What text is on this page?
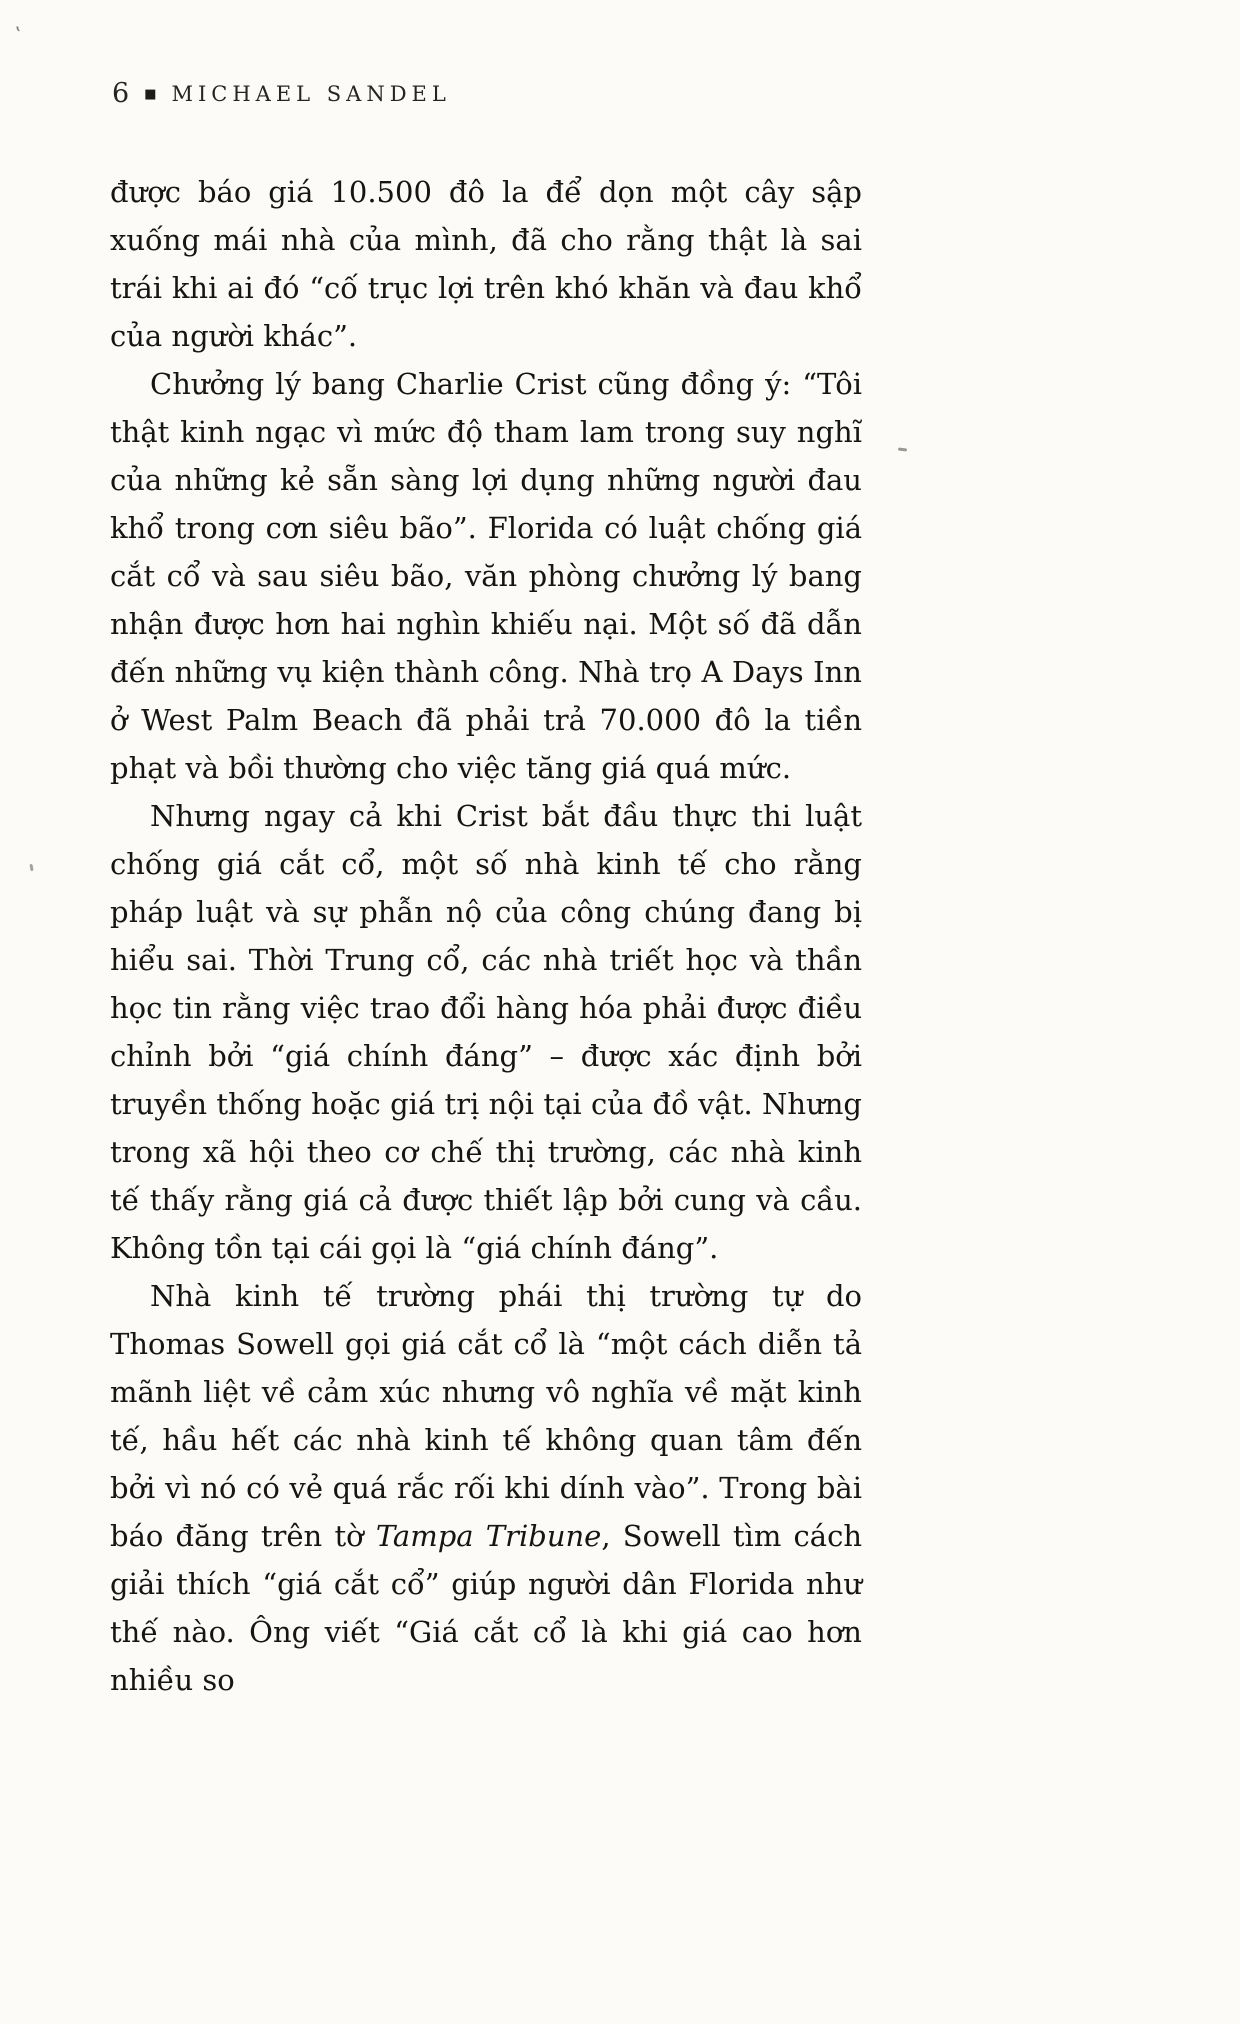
‛
6 ■ MICHAEL SANDEL

được báo giá 10.500 đô la để dọn một cây sập xuống mái nhà của mình, đã cho rằng thật là sai trái khi ai đó “cố trục lợi trên khó khăn và đau khổ của người khác”.

Chưởng lý bang Charlie Crist cũng đồng ý: “Tôi thật kinh ngạc vì mức độ tham lam trong suy nghĩ của những kẻ sẵn sàng lợi dụng những người đau khổ trong cơn siêu bão”. Florida có luật chống giá cắt cổ và sau siêu bão, văn phòng chưởng lý bang nhận được hơn hai nghìn khiếu nại. Một số đã dẫn đến những vụ kiện thành công. Nhà trọ A Days Inn ở West Palm Beach đã phải trả 70.000 đô la tiền phạt và bồi thường cho việc tăng giá quá mức.

Nhưng ngay cả khi Crist bắt đầu thực thi luật chống giá cắt cổ, một số nhà kinh tế cho rằng pháp luật và sự phẫn nộ của công chúng đang bị hiểu sai. Thời Trung cổ, các nhà triết học và thần học tin rằng việc trao đổi hàng hóa phải được điều chỉnh bởi “giá chính đáng” – được xác định bởi truyền thống hoặc giá trị nội tại của đồ vật. Nhưng trong xã hội theo cơ chế thị trường, các nhà kinh tế thấy rằng giá cả được thiết lập bởi cung và cầu. Không tồn tại cái gọi là “giá chính đáng”.

Nhà kinh tế trường phái thị trường tự do Thomas Sowell gọi giá cắt cổ là “một cách diễn tả mãnh liệt về cảm xúc nhưng vô nghĩa về mặt kinh tế, hầu hết các nhà kinh tế không quan tâm đến bởi vì nó có vẻ quá rắc rối khi dính vào”. Trong bài báo đăng trên tờ Tampa Tribune, Sowell tìm cách giải thích “giá cắt cổ” giúp người dân Florida như thế nào. Ông viết “Giá cắt cổ là khi giá cao hơn nhiều so
